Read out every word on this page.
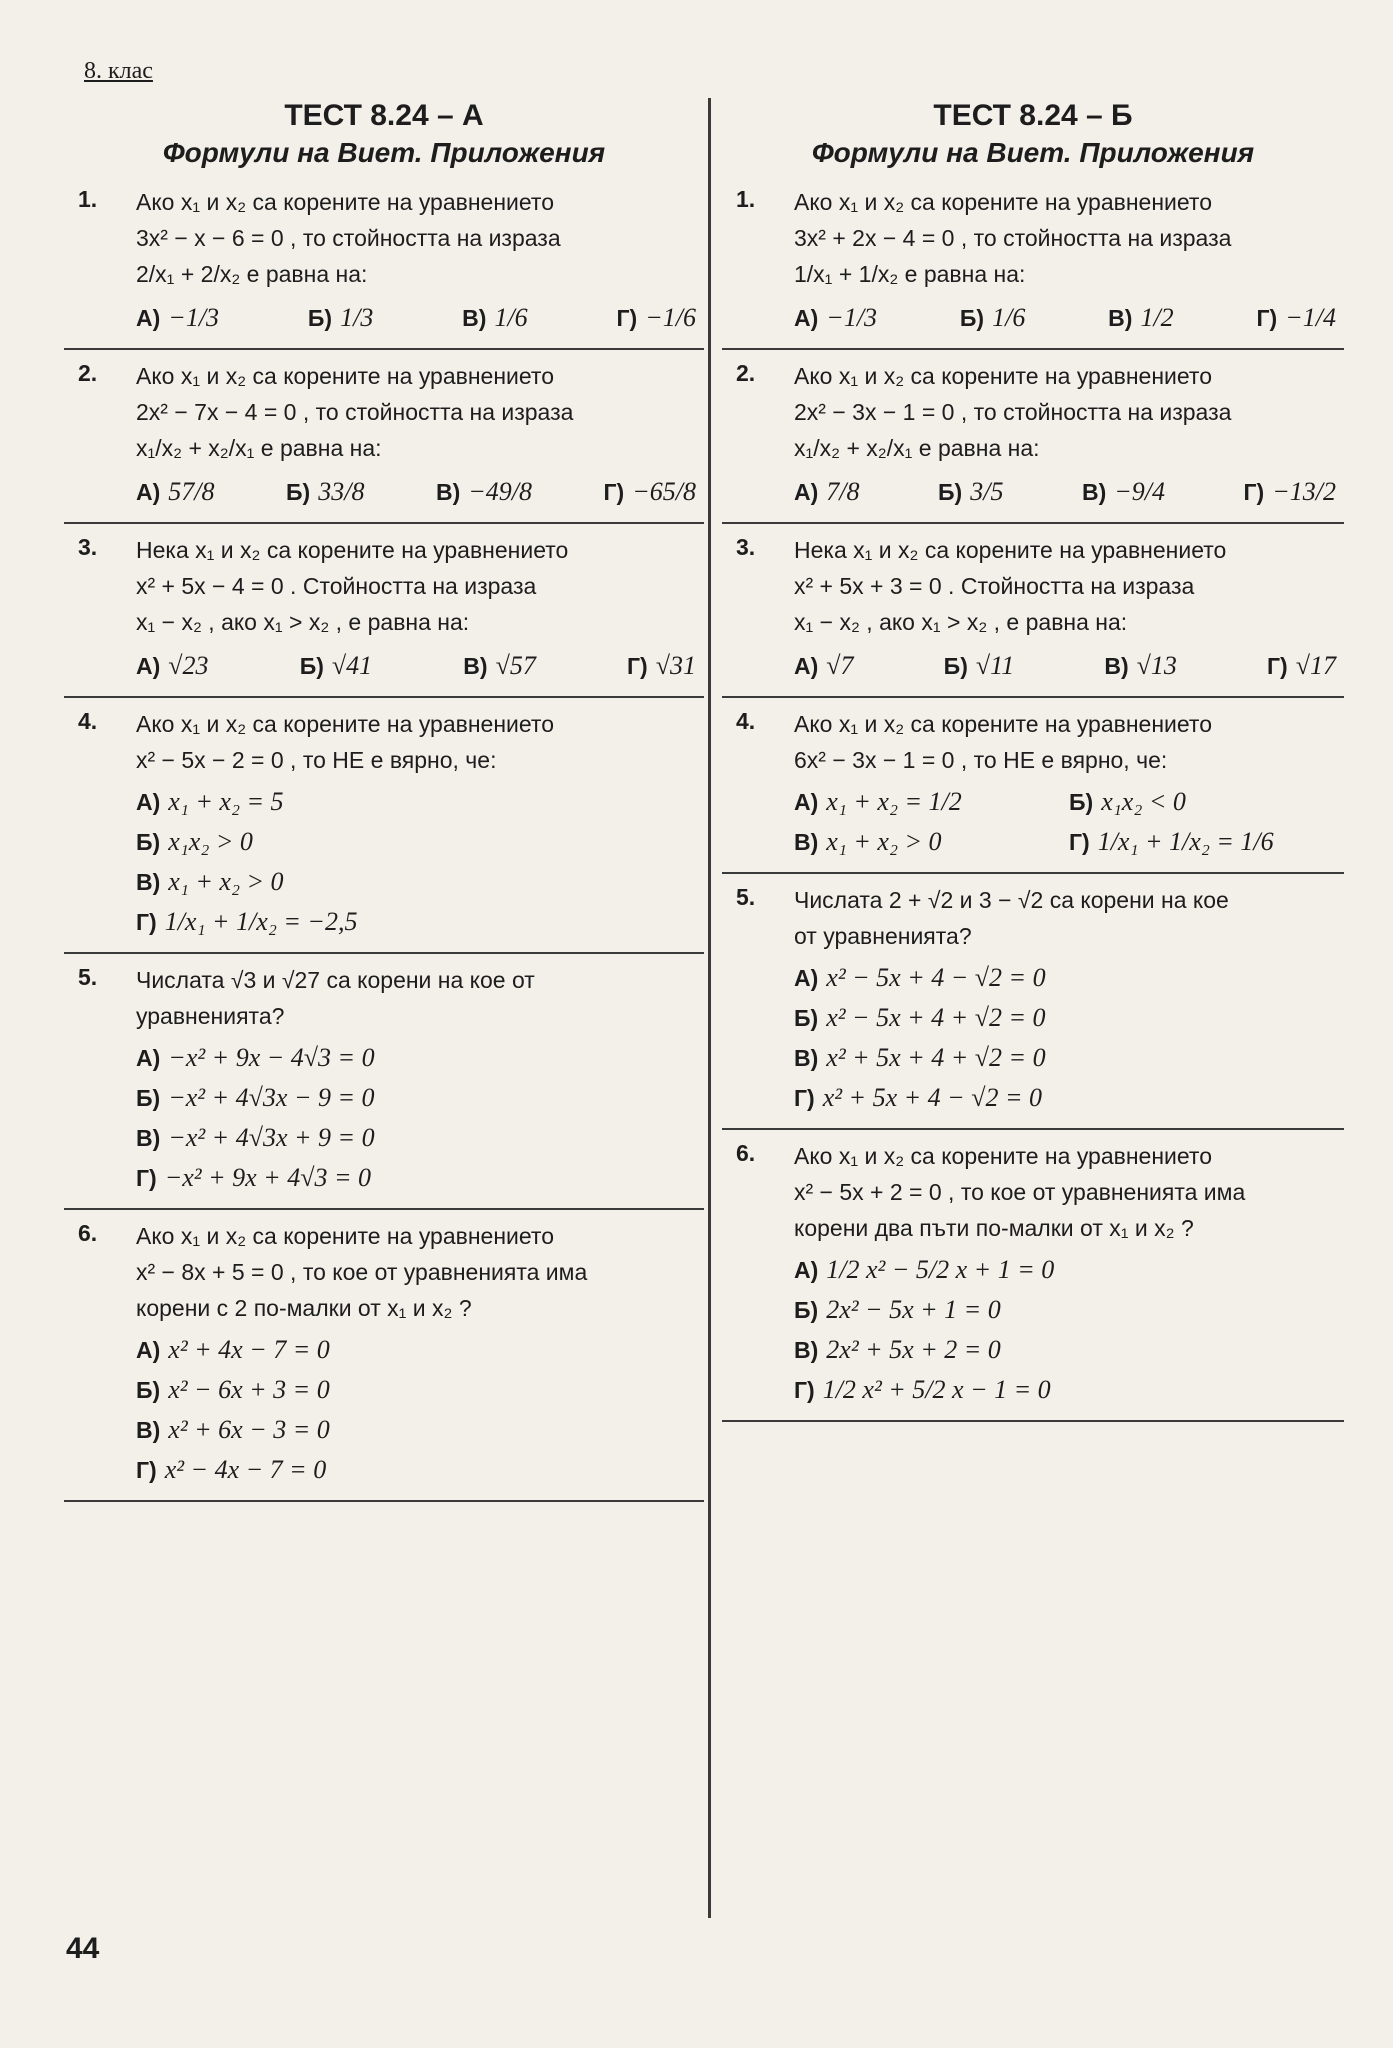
8. клас
ТЕСТ 8.24 – А
Формули на Виет. Приложения
1. Ако x₁ и x₂ са корените на уравнението
3x² − x − 6 = 0 , то стойността на израза
2/x₁ + 2/x₂ е равна на:
А) −1/3	Б) 1/3	В) 1/6	Г) −1/6
2. Ако x₁ и x₂ са корените на уравнението
2x² − 7x − 4 = 0 , то стойността на израза
x₁/x₂ + x₂/x₁ е равна на:
А) 57/8	Б) 33/8	В) −49/8	Г) −65/8
3. Нека x₁ и x₂ са корените на уравнението
x² + 5x − 4 = 0 . Стойността на израза
x₁ − x₂ , ако x₁ > x₂ , е равна на:
А) √23	Б) √41	В) √57	Г) √31
4. Ако x₁ и x₂ са корените на уравнението
x² − 5x − 2 = 0 , то НЕ е вярно, че:
А) x₁ + x₂ = 5
Б) x₁x₂ > 0
В) x₁ + x₂ > 0
Г) 1/x₁ + 1/x₂ = −2,5
5. Числата √3 и √27 са корени на кое от
уравненията?
А) −x² + 9x − 4√3 = 0
Б) −x² + 4√3x − 9 = 0
В) −x² + 4√3x + 9 = 0
Г) −x² + 9x + 4√3 = 0
6. Ако x₁ и x₂ са корените на уравнението
x² − 8x + 5 = 0 , то кое от уравненията има
корени с 2 по-малки от x₁ и x₂ ?
А) x² + 4x − 7 = 0
Б) x² − 6x + 3 = 0
В) x² + 6x − 3 = 0
Г) x² − 4x − 7 = 0
ТЕСТ 8.24 – Б
Формули на Виет. Приложения
1. Ако x₁ и x₂ са корените на уравнението
3x² + 2x − 4 = 0 , то стойността на израза
1/x₁ + 1/x₂ е равна на:
А) −1/3	Б) 1/6	В) 1/2	Г) −1/4
2. Ако x₁ и x₂ са корените на уравнението
2x² − 3x − 1 = 0 , то стойността на израза
x₁/x₂ + x₂/x₁ е равна на:
А) 7/8	Б) 3/5	В) −9/4	Г) −13/2
3. Нека x₁ и x₂ са корените на уравнението
x² + 5x + 3 = 0 . Стойността на израза
x₁ − x₂ , ако x₁ > x₂ , е равна на:
А) √7	Б) √11	В) √13	Г) √17
4. Ако x₁ и x₂ са корените на уравнението
6x² − 3x − 1 = 0 , то НЕ е вярно, че:
А) x₁ + x₂ = 1/2	Б) x₁x₂ < 0
В) x₁ + x₂ > 0	Г) 1/x₁ + 1/x₂ = 1/6
5. Числата 2 + √2 и 3 − √2 са корени на кое
от уравненията?
А) x² − 5x + 4 − √2 = 0
Б) x² − 5x + 4 + √2 = 0
В) x² + 5x + 4 + √2 = 0
Г) x² + 5x + 4 − √2 = 0
6. Ако x₁ и x₂ са корените на уравнението
x² − 5x + 2 = 0 , то кое от уравненията има
корени два пъти по-малки от x₁ и x₂ ?
А) 1/2 x² − 5/2 x + 1 = 0
Б) 2x² − 5x + 1 = 0
В) 2x² + 5x + 2 = 0
Г) 1/2 x² + 5/2 x − 1 = 0
44
